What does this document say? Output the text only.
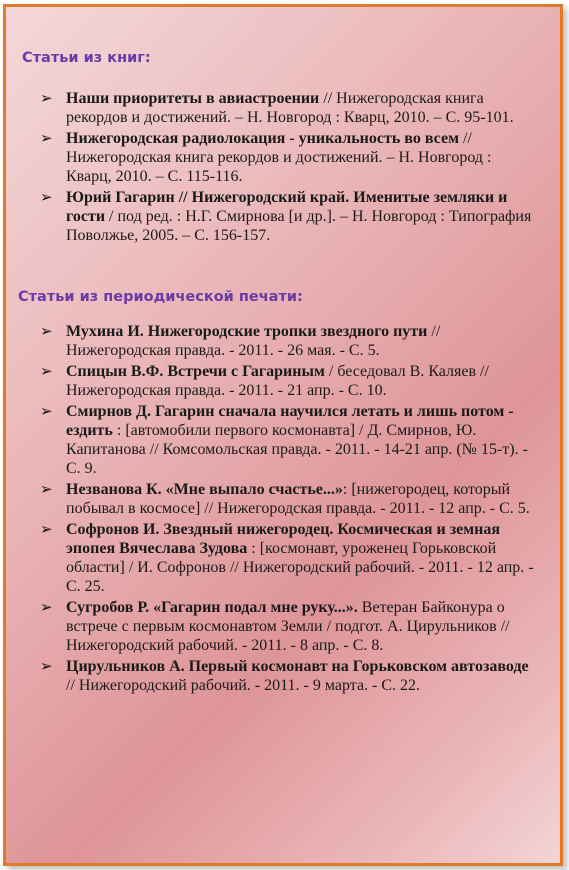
Статьи из книг:
➢ Наши приоритеты в авиастроении // Нижегородская книга рекордов и достижений. – Н. Новгород : Кварц, 2010. – С. 95-101.
➢ Нижегородская радиолокация - уникальность во всем // Нижегородская книга рекордов и достижений. – Н. Новгород : Кварц, 2010. – С. 115-116.
➢ Юрий Гагарин // Нижегородский край. Именитые земляки и гости / под ред. : Н.Г. Смирнова [и др.]. – Н. Новгород : Типография Поволжье, 2005. – С. 156-157.
Статьи из периодической печати:
➢ Мухина И. Нижегородские тропки звездного пути // Нижегородская правда. - 2011. - 26 мая. - С. 5.
➢ Спицын В.Ф. Встречи с Гагариным / беседовал В. Каляев // Нижегородская правда. - 2011. - 21 апр. - С. 10.
➢ Смирнов Д. Гагарин сначала научился летать и лишь потом - ездить : [автомобили первого космонавта] / Д. Смирнов, Ю. Капитанова // Комсомольская правда. - 2011. - 14-21 апр. (№ 15-т). - С. 9.
➢ Незванова К. «Мне выпало счастье...»: [нижегородец, который побывал в космосе] // Нижегородская правда. - 2011. - 12 апр. - С. 5.
➢ Софронов И. Звездный нижегородец. Космическая и земная эпопея Вячеслава Зудова : [космонавт, уроженец Горьковской области] / И. Софронов // Нижегородский рабочий. - 2011. - 12 апр. - С. 25.
➢ Сугробов Р. «Гагарин подал мне руку...». Ветеран Байконура о встрече с первым космонавтом Земли / подгот. А. Цирульников // Нижегородский рабочий. - 2011. - 8 апр. - С. 8.
➢ Цирульников А. Первый космонавт на Горьковском автозаводе // Нижегородский рабочий. - 2011. - 9 марта. - С. 22.
